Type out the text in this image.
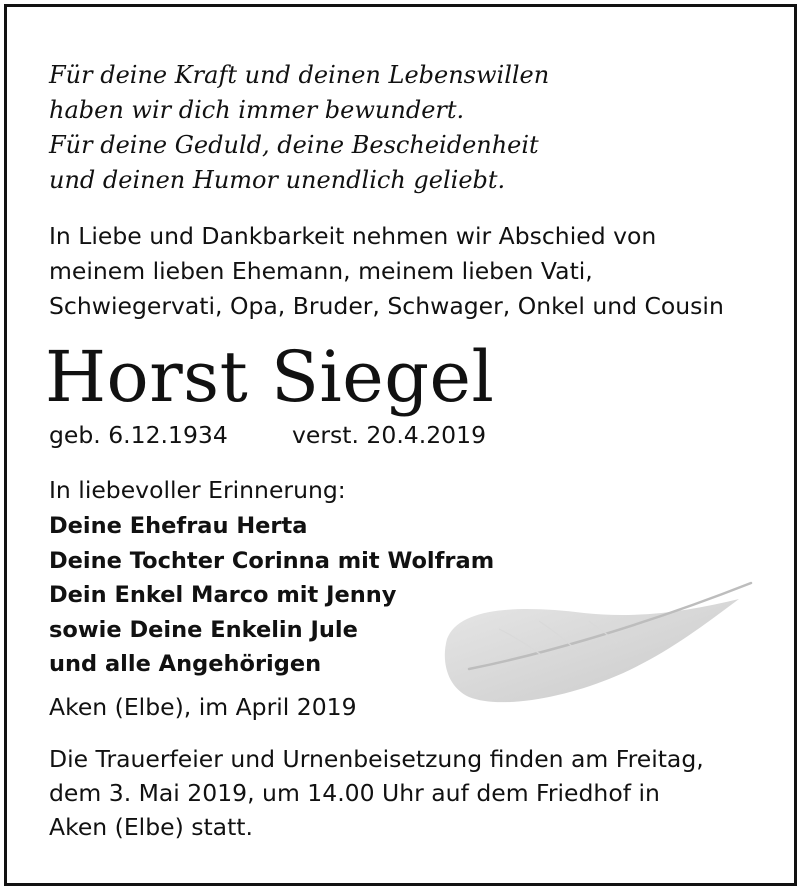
Für deine Kraft und deinen Lebenswillen
haben wir dich immer bewundert.
Für deine Geduld, deine Bescheidenheit
und deinen Humor unendlich geliebt.
In Liebe und Dankbarkeit nehmen wir Abschied von
meinem lieben Ehemann, meinem lieben Vati,
Schwiegervati, Opa, Bruder, Schwager, Onkel und Cousin
Horst Siegel
geb. 6.12.1934	verst. 20.4.2019
In liebevoller Erinnerung:
Deine Ehefrau Herta
Deine Tochter Corinna mit Wolfram
Dein Enkel Marco mit Jenny
sowie Deine Enkelin Jule
und alle Angehörigen
Aken (Elbe), im April 2019
Die Trauerfeier und Urnenbeisetzung finden am Freitag,
dem 3. Mai 2019, um 14.00 Uhr auf dem Friedhof in
Aken (Elbe) statt.
